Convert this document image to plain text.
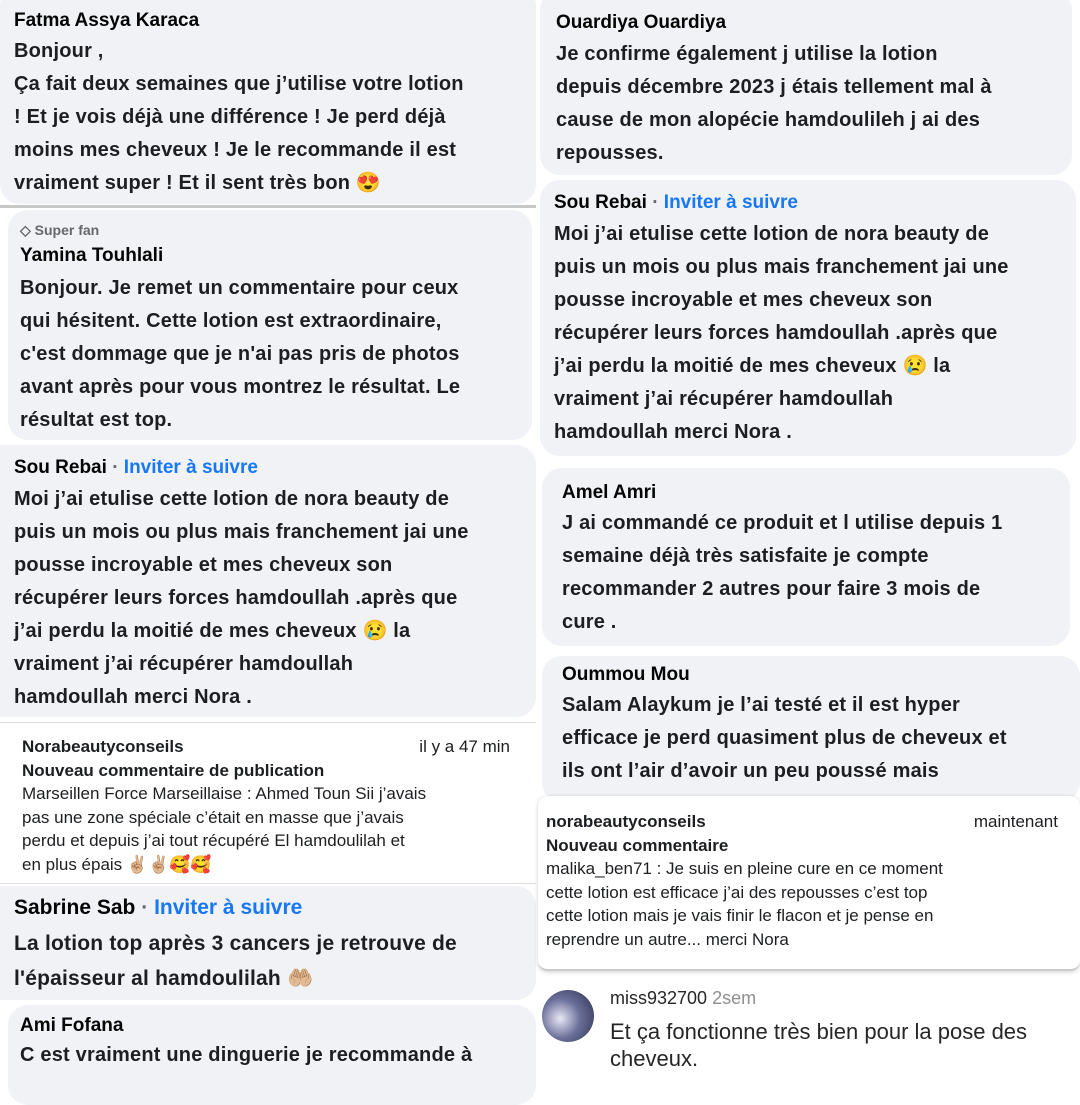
Fatma Assya Karaca
Bonjour ,
Ça fait deux semaines que j’utilise votre lotion
! Et je vois déjà une différence ! Je perd déjà
moins mes cheveux ! Je le recommande il est
vraiment super ! Et il sent très bon 😍
◇ Super fan
Yamina Touhlali
Bonjour. Je remet un commentaire pour ceux
qui hésitent. Cette lotion est extraordinaire,
c'est dommage que je n'ai pas pris de photos
avant après pour vous montrez le résultat. Le
résultat est top.
Sou Rebai · Inviter à suivre
Moi j’ai etulise cette lotion de nora beauty de
puis un mois ou plus mais franchement jai une
pousse incroyable et mes cheveux son
récupérer leurs forces hamdoullah .après que
j’ai perdu la moitié de mes cheveux 😢 la
vraiment j’ai récupérer hamdoullah
hamdoullah merci Nora .
Norabeautyconseils	il y a 47 min
Nouveau commentaire de publication
Marseillen Force Marseillaise : Ahmed Toun Sii j’avais
pas une zone spéciale c’était en masse que j’avais
perdu et depuis j’ai tout récupéré El hamdoulilah et
en plus épais ✌🏼✌🏼🥰🥰
Sabrine Sab · Inviter à suivre
La lotion top après 3 cancers je retrouve de
l'épaisseur al hamdoulilah 🤲🏼
Ami Fofana
C est vraiment une dinguerie je recommande à
Ouardiya Ouardiya
Je confirme également j utilise la lotion
depuis décembre 2023 j étais tellement mal à
cause de mon alopécie hamdoulileh j ai des
repousses.
Sou Rebai · Inviter à suivre
Moi j’ai etulise cette lotion de nora beauty de
puis un mois ou plus mais franchement jai une
pousse incroyable et mes cheveux son
récupérer leurs forces hamdoullah .après que
j’ai perdu la moitié de mes cheveux 😢 la
vraiment j’ai récupérer hamdoullah
hamdoullah merci Nora .
Amel Amri
J ai commandé ce produit et l utilise depuis 1
semaine déjà très satisfaite je compte
recommander 2 autres pour faire 3 mois de
cure .
Oummou Mou
Salam Alaykum je l’ai testé et il est hyper
efficace je perd quasiment plus de cheveux et
ils ont l’air d’avoir un peu poussé mais
norabeautyconseils	maintenant
Nouveau commentaire
malika_ben71 : Je suis en pleine cure en ce moment
cette lotion est efficace j’ai des repousses c’est top
cette lotion mais je vais finir le flacon et je pense en
reprendre un autre... merci Nora
miss932700 2sem
Et ça fonctionne très bien pour la pose des
cheveux.
